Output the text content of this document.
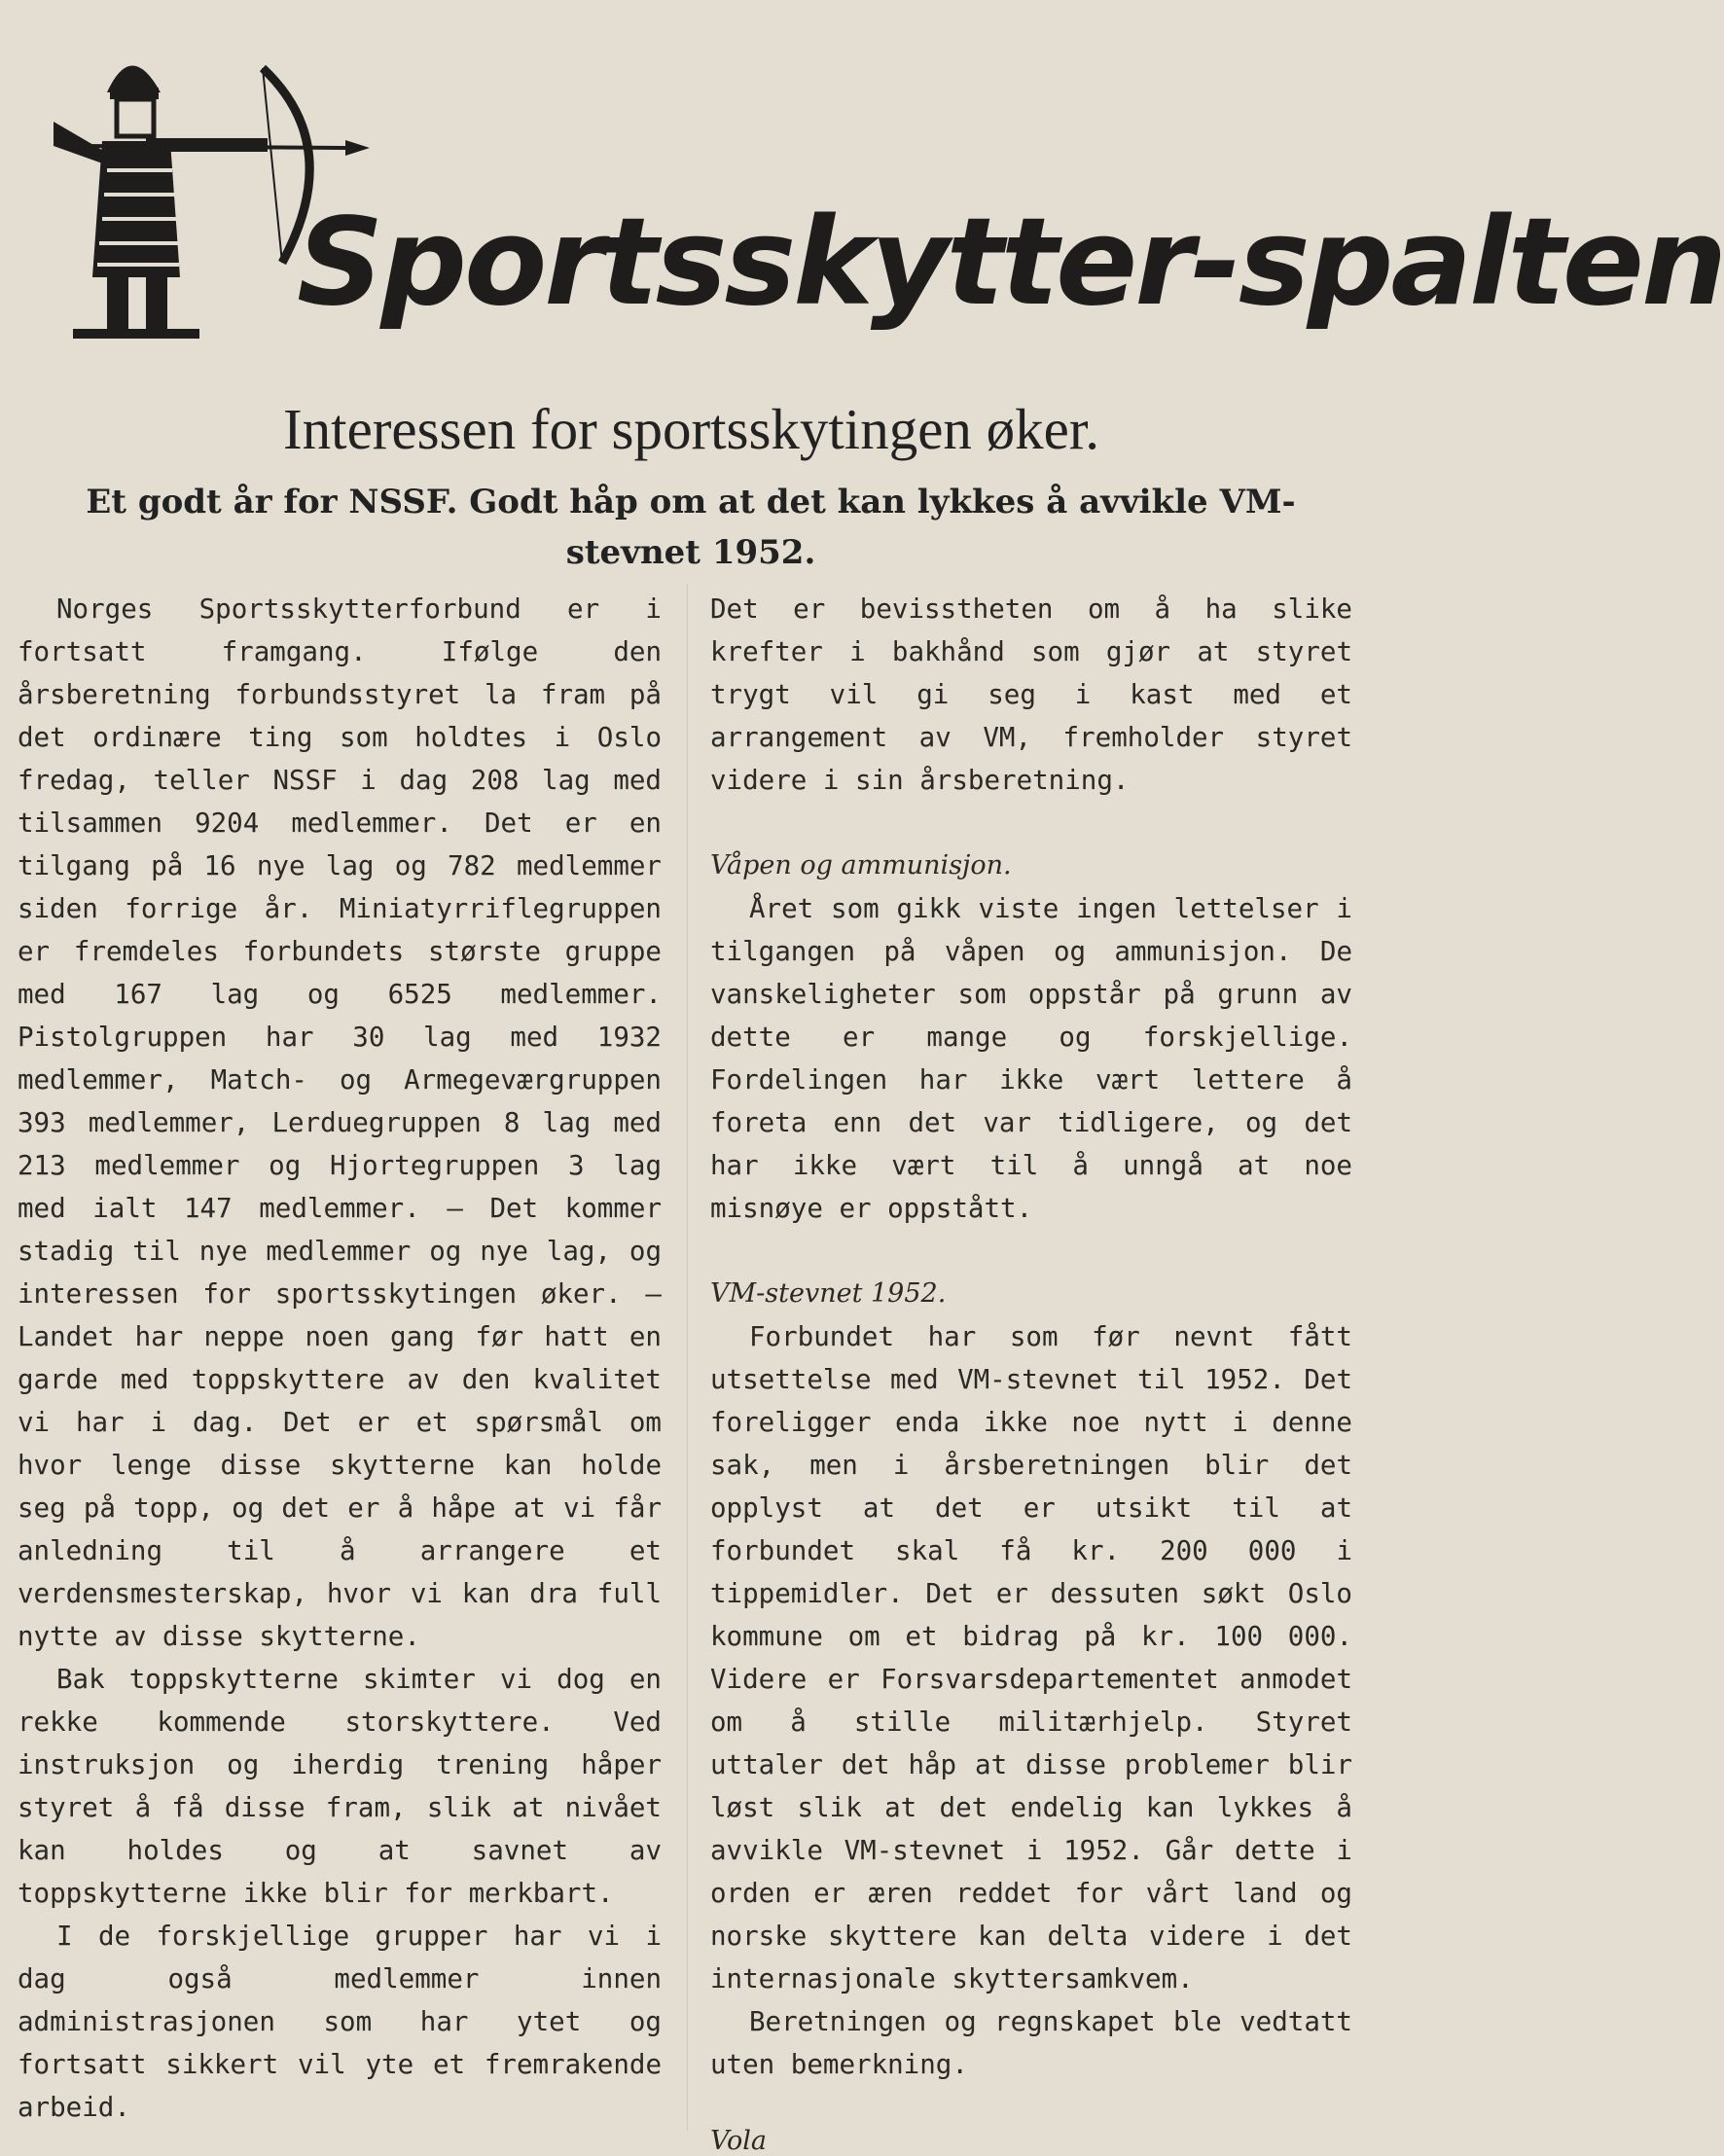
Sportsskytter-spalten
Interessen for sportsskytingen øker.
Et godt år for NSSF. Godt håp om at det kan lykkes å avvikle VM-stevnet 1952.

Norges Sportsskytterforbund er i fortsatt framgang. Ifølge den årsberetning forbundsstyret la fram på det ordinære ting som holdtes i Oslo fredag, teller NSSF i dag 208 lag med tilsammen 9204 medlemmer. Det er en tilgang på 16 nye lag og 782 medlemmer siden forrige år. Miniatyrriflegruppen er fremdeles forbundets største gruppe med 167 lag og 6525 medlemmer. Pistolgruppen har 30 lag med 1932 medlemmer, Match- og Armegeværgruppen 393 medlemmer, Lerduegruppen 8 lag med 213 medlemmer og Hjortegruppen 3 lag med ialt 147 medlemmer. — Det kommer stadig til nye medlemmer og nye lag, og interessen for sportsskytingen øker. — Landet har neppe noen gang før hatt en garde med toppskyttere av den kvalitet vi har i dag. Det er et spørsmål om hvor lenge disse skytterne kan holde seg på topp, og det er å håpe at vi får anledning til å arrangere et verdensmesterskap, hvor vi kan dra full nytte av disse skytterne.

Bak toppskytterne skimter vi dog en rekke kommende storskyttere. Ved instruksjon og iherdig trening håper styret å få disse fram, slik at nivået kan holdes og at savnet av toppskytterne ikke blir for merkbart.

I de forskjellige grupper har vi i dag også medlemmer innen administrasjonen som har ytet og fortsatt sikkert vil yte et fremrakende arbeid.

Det er bevisstheten om å ha slike krefter i bakhånd som gjør at styret trygt vil gi seg i kast med et arrangement av VM, fremholder styret videre i sin årsberetning.

Våpen og ammunisjon.

Året som gikk viste ingen lettelser i tilgangen på våpen og ammunisjon. De vanskeligheter som oppstår på grunn av dette er mange og forskjellige. Fordelingen har ikke vært lettere å foreta enn det var tidligere, og det har ikke vært til å unngå at noe misnøye er oppstått.

VM-stevnet 1952.

Forbundet har som før nevnt fått utsettelse med VM-stevnet til 1952. Det foreligger enda ikke noe nytt i denne sak, men i årsberetningen blir det opplyst at det er utsikt til at forbundet skal få kr. 200 000 i tippemidler. Det er dessuten søkt Oslo kommune om et bidrag på kr. 100 000. Videre er Forsvarsdepartementet anmodet om å stille militærhjelp. Styret uttaler det håp at disse problemer blir løst slik at det endelig kan lykkes å avvikle VM-stevnet i 1952. Går dette i orden er æren reddet for vårt land og norske skyttere kan delta videre i det internasjonale skyttersamkvem.

Beretningen og regnskapet ble vedtatt uten bemerkning.

Vola
